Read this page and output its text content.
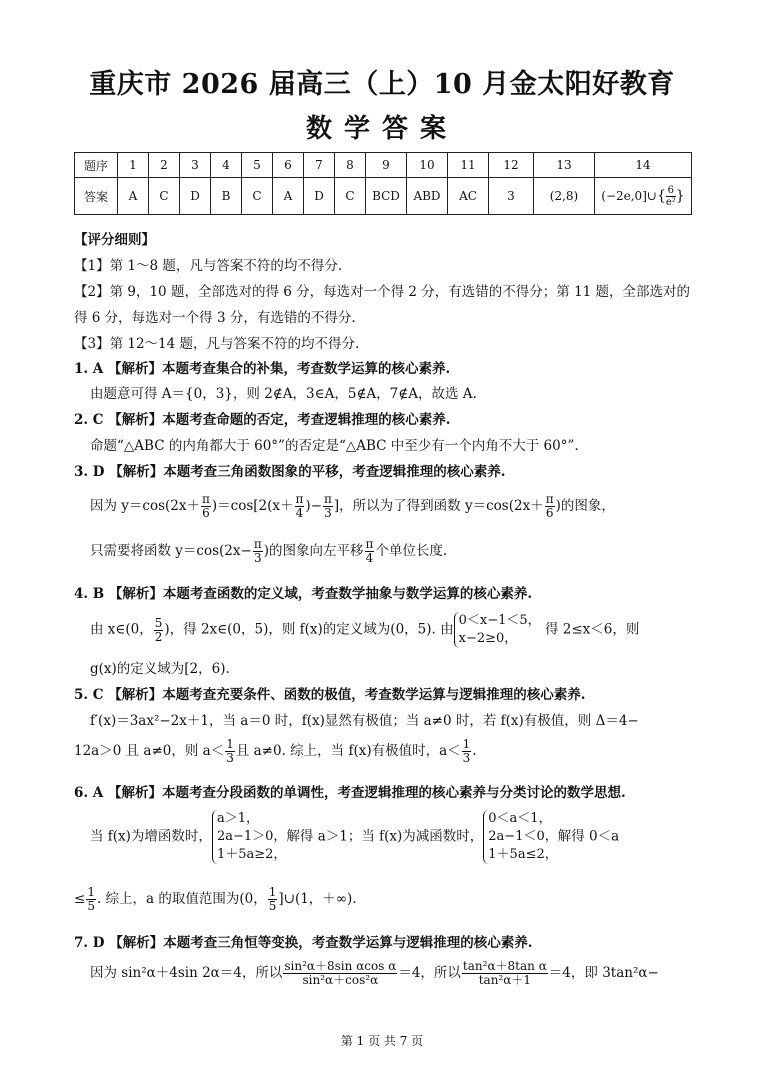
重庆市 2026 届高三（上）10 月金太阳好教育
数学答案
题序	1	2	3	4	5	6	7	8	9	10	11	12	13	14
答案	A	C	D	B	C	A	D	C	BCD	ABD	AC	3	(2,8)	(−2e,0]∪{ $\frac{6}{\text{e²}}$ }
【评分细则】
【1】第 1～8 题，凡与答案不符的均不得分.
【2】第 9，10 题，全部选对的得 6 分，每选对一个得 2 分，有选错的不得分；第 11 题，全部选对的
得 6 分，每选对一个得 3 分，有选错的不得分.
【3】第 12～14 题，凡与答案不符的均不得分.
1. A 【解析】本题考查集合的补集，考查数学运算的核心素养.
由题意可得 A＝{0，3}，则 2∉A，3∈A，5∉A，7∉A，故选 A.
2. C 【解析】本题考查命题的否定，考查逻辑推理的核心素养.
命题“△ABC 的内角都大于 60°”的否定是“△ABC 中至少有一个内角不大于 60°”.
3. D 【解析】本题考查三角函数图象的平移，考查逻辑推理的核心素养.
因为 $y=\cos(2x+ \frac{\pi}{6} )=\cos[2(x+ \frac{\pi}{4}$ )− $\frac{\pi}{3}$ ]，所以为了得到函数 $y=\cos(2x+ \frac{\pi}{6}$ )的图象，
只需要将函数 $y=\cos(2x- \frac{\pi}{3}$ )的图象向左平移 $\frac{\pi}{4}$ 个单位长度.
4. B 【解析】本题考查函数的定义域，考查数学抽象与数学运算的核心素养.
由 x∈(0， $\frac{5}{2}$ )，得 2x∈(0，5)，则 f(x)的定义域为(0，5). 由
0＜x−1＜5，
x−2≥0，
得 2≤x＜6，则
g(x)的定义域为[2，6).
5. C 【解析】本题考查充要条件、函数的极值，考查数学运算与逻辑推理的核心素养.
f′(x)＝3ax²−2x＋1，当 a＝0 时，f(x)显然有极值；当 a≠0 时，若 f(x)有极值，则 Δ＝4−
12a＞0 且 a≠0，则 $a< \frac{1}{3}$ 且 a≠0. 综上，当 f(x)有极值时，$a< \frac{1}{3}$ .
6. A 【解析】本题考查分段函数的单调性，考查逻辑推理的核心素养与分类讨论的数学思想.
当 f(x)为增函数时，
a＞1，
2a−1＞0，
1＋5a≥2，
解得 a＞1；当 f(x)为减函数时，
0＜a＜1，
2a−1＜0，
1＋5a≤2，
解得 0＜a
≤ $\frac{1}{5}$ . 综上，a 的取值范围为(0， $\frac{1}{5}$ ]∪(1，＋∞).
7. D 【解析】本题考查三角恒等变换，考查数学运算与逻辑推理的核心素养.
因为 sin²α＋4sin 2α＝4，所以 $\frac{\text{sin²α＋8sin αcos α}}{\text{sin²α＋cos²α}} =4$，所以 $\frac{\text{tan²α＋8tan α}}{\text{tan²α＋1}} =4$，即 3tan²α−
第 1 页 共 7 页
